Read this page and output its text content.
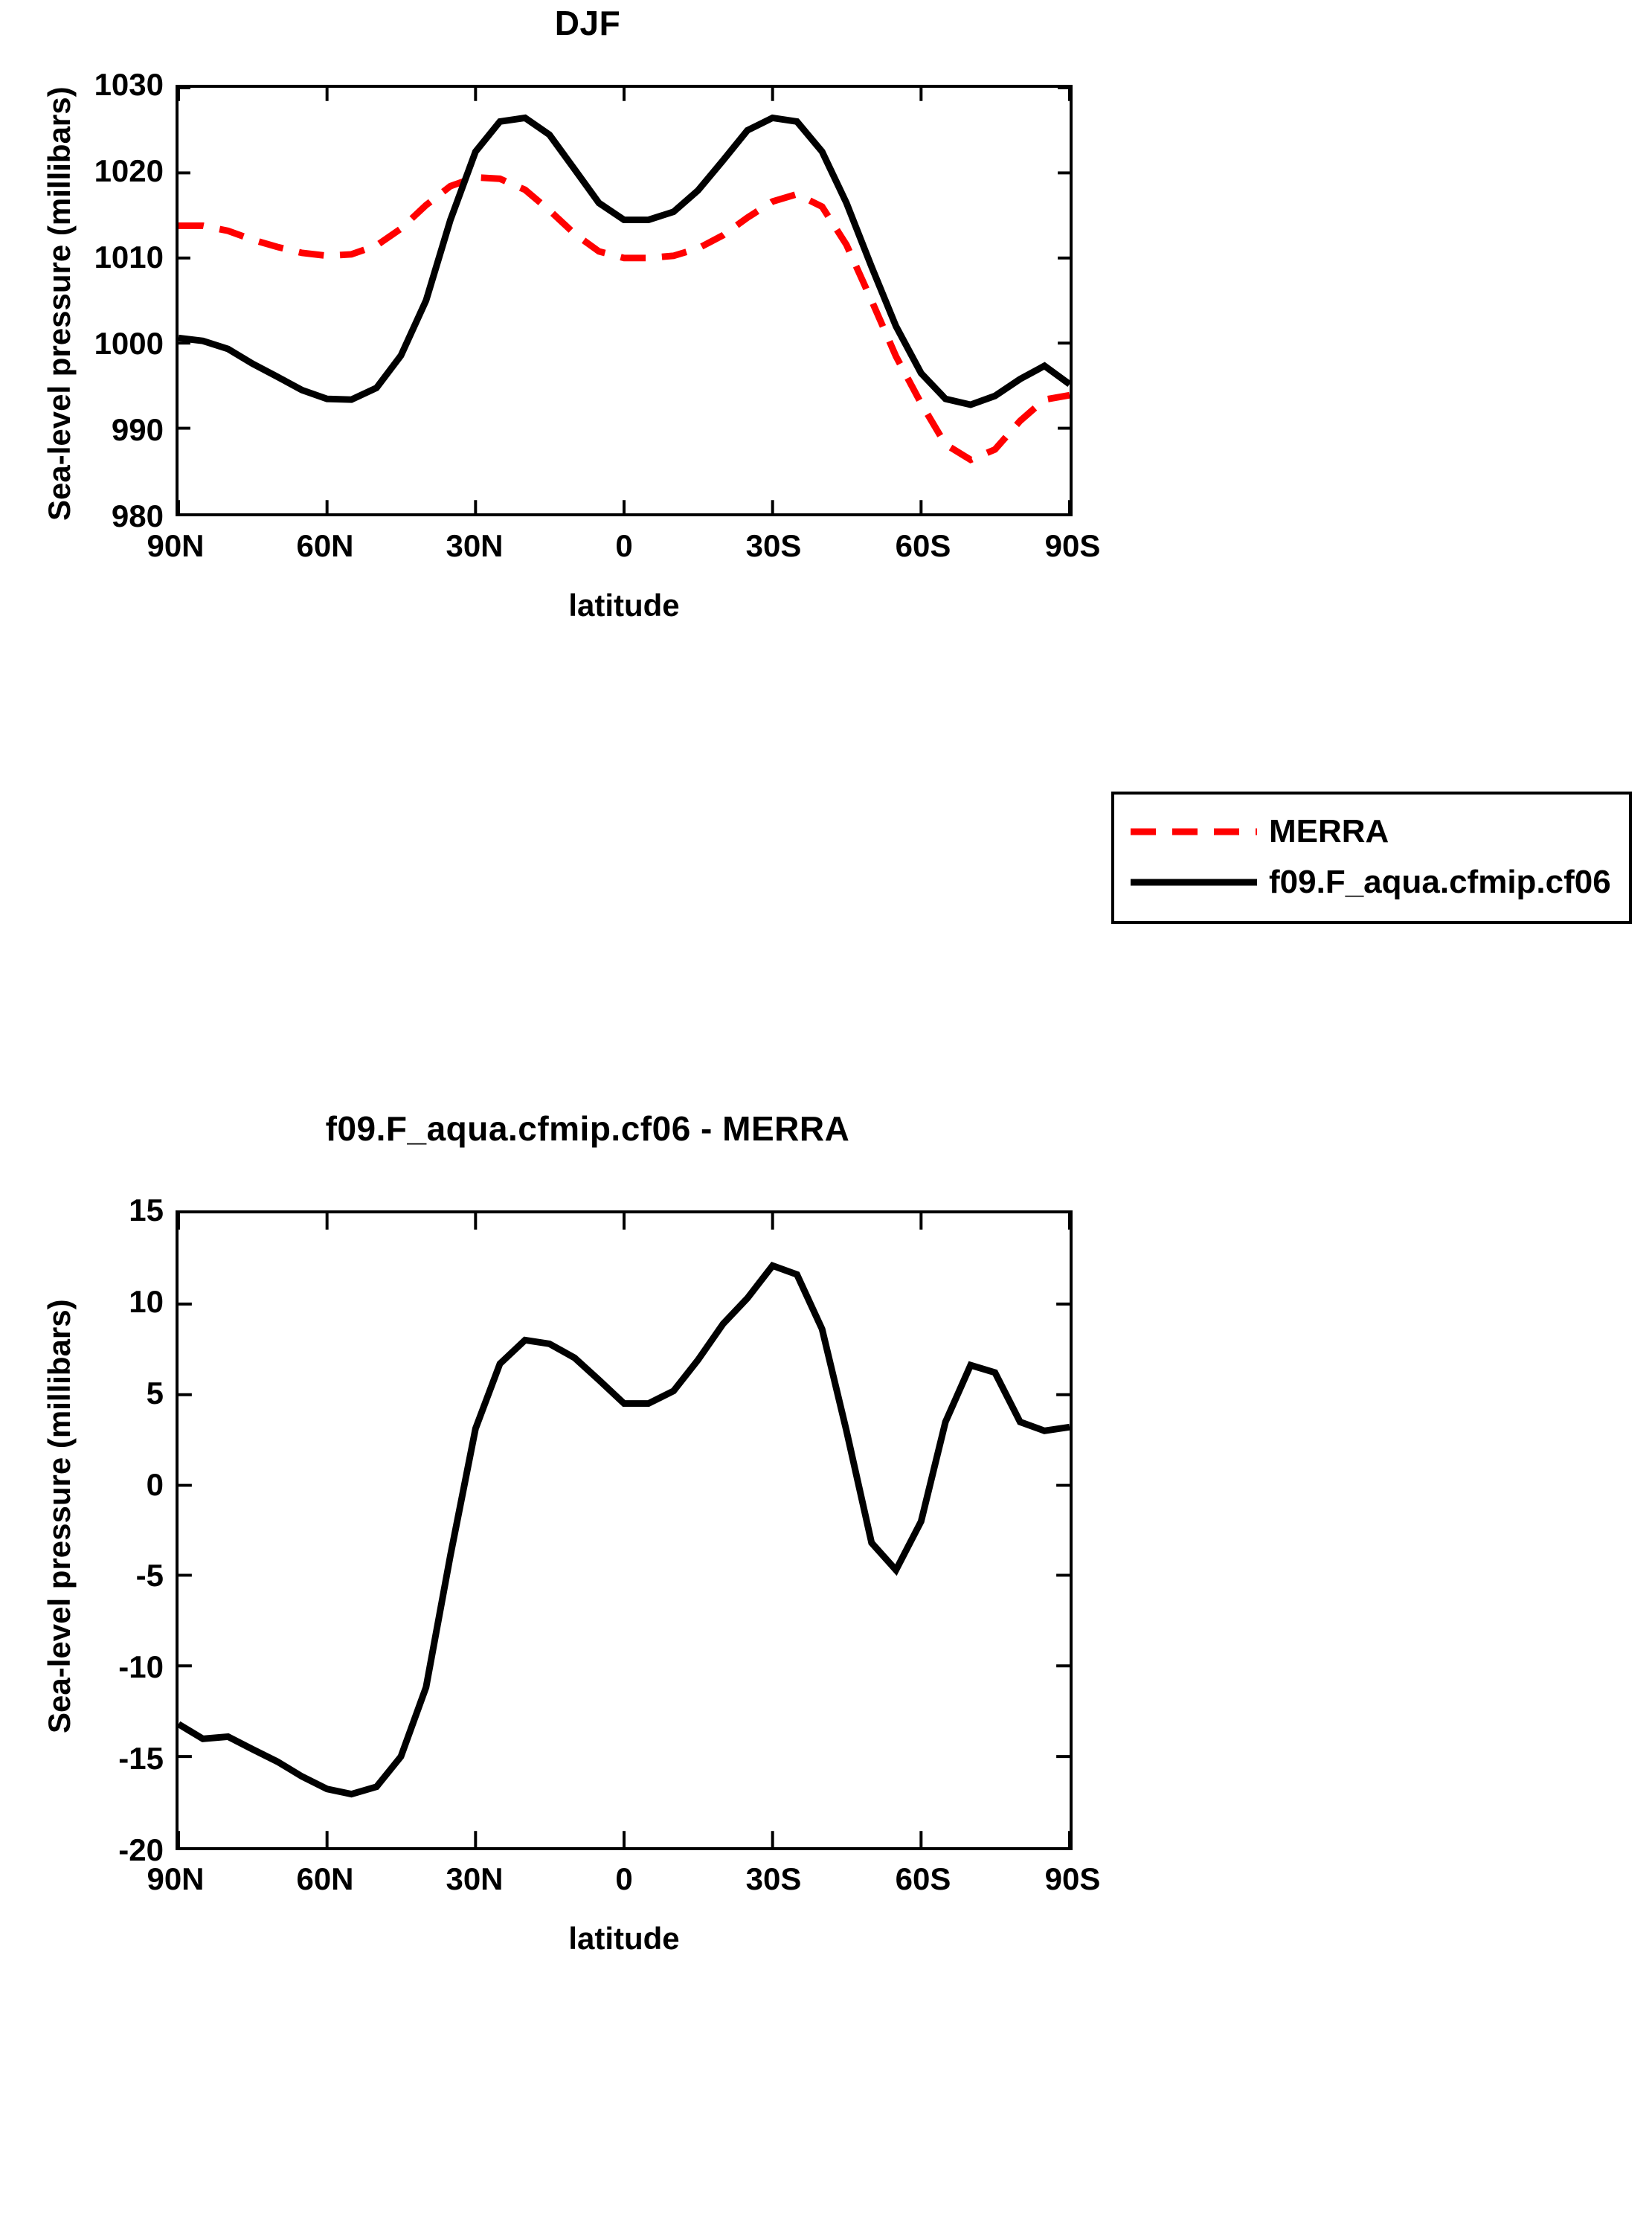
DJF
1030
1020
1010
1000
990
980
90N	60N	30N	0	30S	60S	90S
latitude
Sea-level pressure (millibars)
MERRA
f09.F_aqua.cfmip.cf06
f09.F_aqua.cfmip.cf06 - MERRA
15
10
5
0
-5
-10
-15
-20
90N	60N	30N	0	30S	60S	90S
latitude
Sea-level pressure (millibars)
